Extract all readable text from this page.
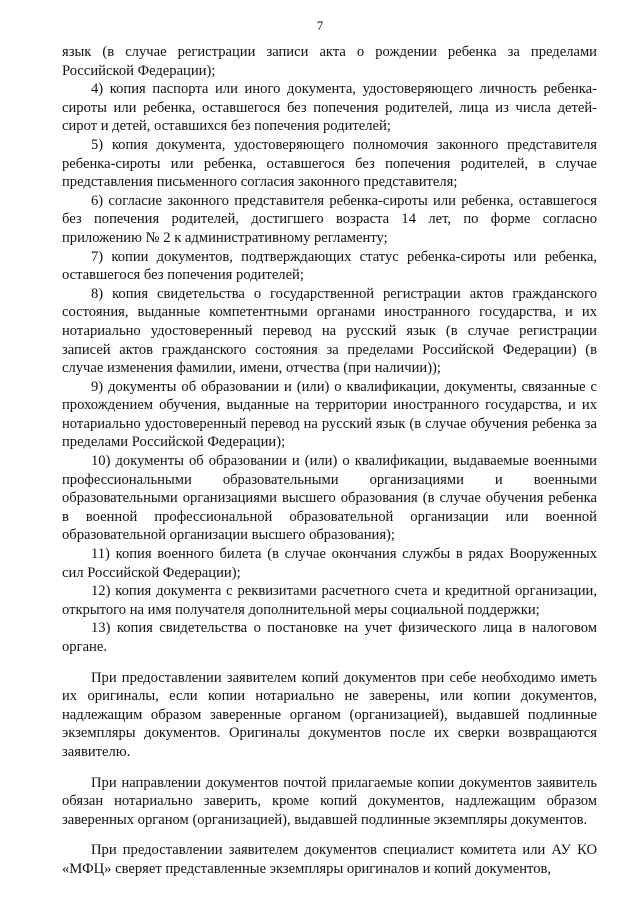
7

язык (в случае регистрации записи акта о рождении ребенка за пределами Российской Федерации);

4) копия паспорта или иного документа, удостоверяющего личность ребенка-сироты или ребенка, оставшегося без попечения родителей, лица из числа детей-сирот и детей, оставшихся без попечения родителей;

5) копия документа, удостоверяющего полномочия законного представителя ребенка-сироты или ребенка, оставшегося без попечения родителей, в случае представления письменного согласия законного представителя;

6) согласие законного представителя ребенка-сироты или ребенка, оставшегося без попечения родителей, достигшего возраста 14 лет, по форме согласно приложению № 2 к административному регламенту;

7) копии документов, подтверждающих статус ребенка-сироты или ребенка, оставшегося без попечения родителей;

8) копия свидетельства о государственной регистрации актов гражданского состояния, выданные компетентными органами иностранного государства, и их нотариально удостоверенный перевод на русский язык (в случае регистрации записей актов гражданского состояния за пределами Российской Федерации) (в случае изменения фамилии, имени, отчества (при наличии));

9) документы об образовании и (или) о квалификации, документы, связанные с прохождением обучения, выданные на территории иностранного государства, и их нотариально удостоверенный перевод на русский язык (в случае обучения ребенка за пределами Российской Федерации);

10) документы об образовании и (или) о квалификации, выдаваемые военными профессиональными образовательными организациями и военными образовательными организациями высшего образования (в случае обучения ребенка в военной профессиональной образовательной организации или военной образовательной организации высшего образования);

11) копия военного билета (в случае окончания службы в рядах Вооруженных сил Российской Федерации);

12) копия документа с реквизитами расчетного счета и кредитной организации, открытого на имя получателя дополнительной меры социальной поддержки;

13) копия свидетельства о постановке на учет физического лица в налоговом органе.

При предоставлении заявителем копий документов при себе необходимо иметь их оригиналы, если копии нотариально не заверены, или копии документов, надлежащим образом заверенные органом (организацией), выдавшей подлинные экземпляры документов. Оригиналы документов после их сверки возвращаются заявителю.

При направлении документов почтой прилагаемые копии документов заявитель обязан нотариально заверить, кроме копий документов, надлежащим образом заверенных органом (организацией), выдавшей подлинные экземпляры документов.

При предоставлении заявителем документов специалист комитета или АУ КО «МФЦ» сверяет представленные экземпляры оригиналов и копий документов,
